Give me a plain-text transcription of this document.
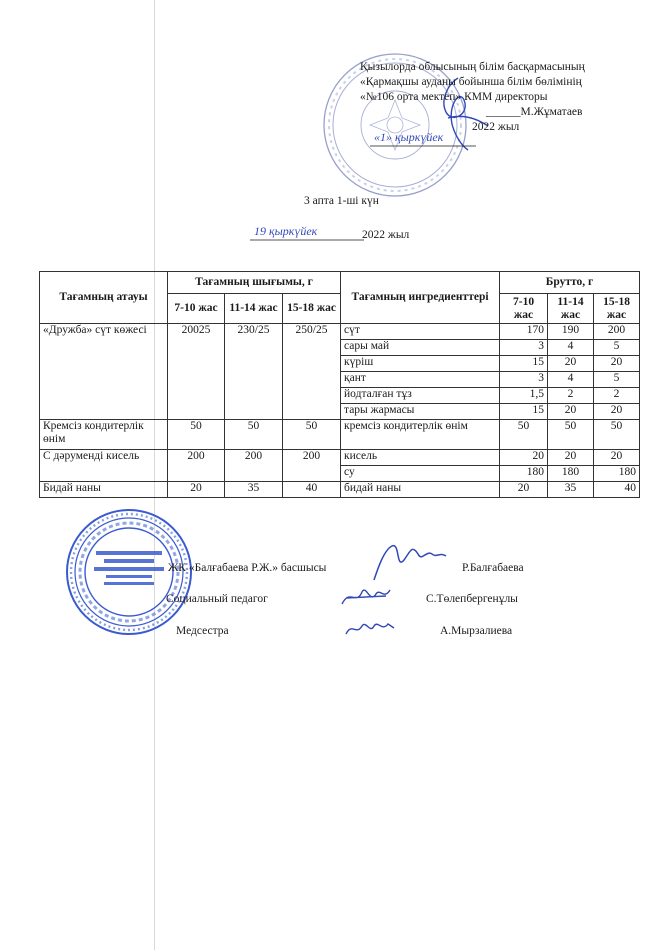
Қызылорда облысының білім басқармасының
«Қармақшы ауданы бойынша білім бөлімінің
«№106 орта мектеп» КММ директоры
______М.Жұматаев
2022 жыл
«1» қыркүйек
3 апта 1-ші күн
19 қыркүйек	2022 жыл
Тағамның атауы	Тағамның шығымы, г			Тағамның ингредиенттері	Брутто, г		
	7-10 жас	11-14 жас	15-18 жас		7-10 жас	11-14 жас	15-18 жас
«Дружба» сүт көжесі	20025	230/25	250/25	сүт	170	190	200
				сары май	3	4	5
				күріш	15	20	20
				қант	3	4	5
				йодталған тұз	1,5	2	2
				тары жармасы	15	20	20
Кремсіз кондитерлік өнім	50	50	50	кремсіз кондитерлік өнім	50	50	50
С дәруменді кисель	200	200	200	кисель	20	20	20
				су	180	180	180
Бидай наны	20	35	40	бидай наны	20	35	40
ЖК «Балғабаева Р.Ж.» басшысы	Р.Балғабаева
Социальный педагог	С.Төлепбергенұлы
Медсестра	А.Мырзалиева
